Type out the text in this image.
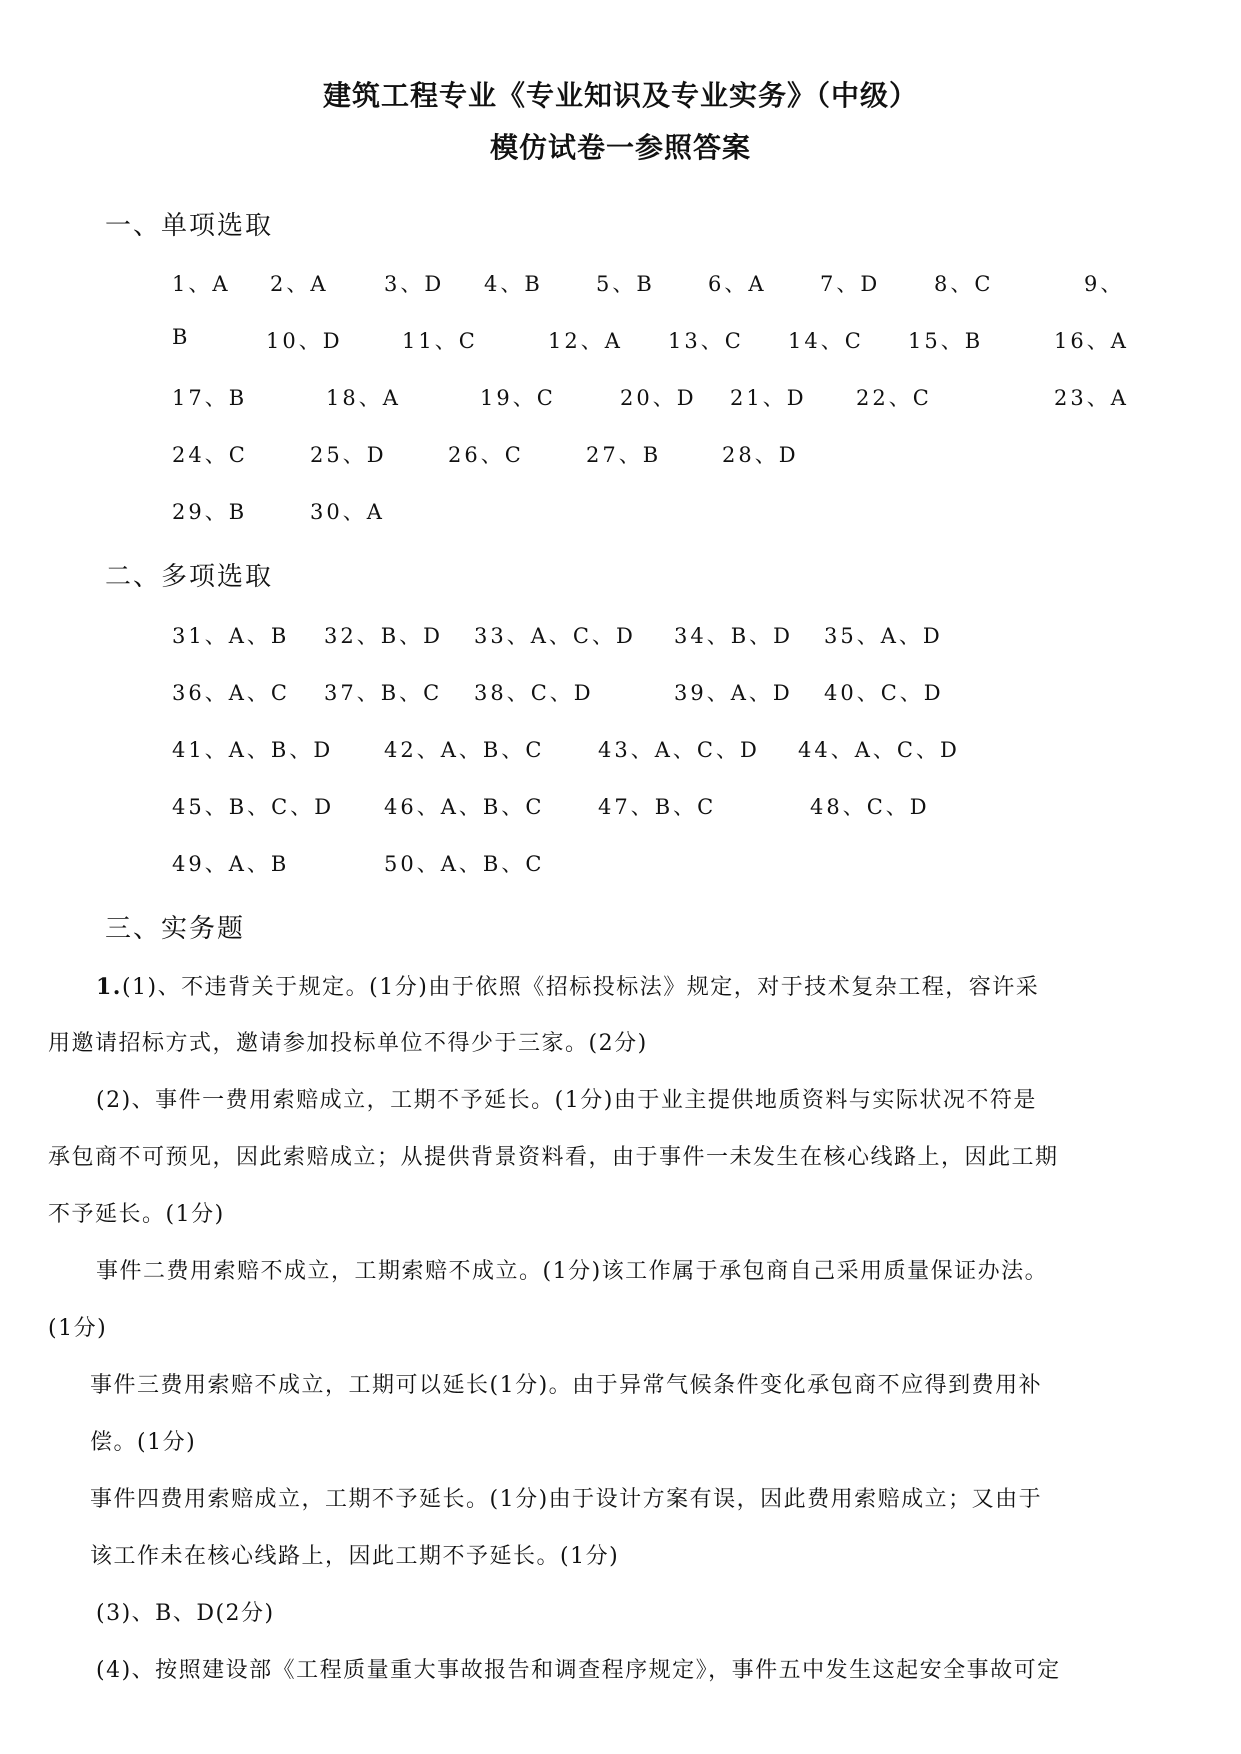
建筑工程专业《专业知识及专业实务》（中级）
模仿试卷一参照答案
一、单项选取
1、A 2、A	3、D 4、B	5、B	6、A	7、D	8、C	9、
B	10、D	11、C	12、A 13、C 14、C 15、B	16、A
17、B	18、A	19、C	20、D 21、D 22、C	23、A
24、C	25、D	26、C	27、B	28、D
29、B	30、A
二、多项选取
31、A、B 32、B、D 33、A、C、D 34、B、D 35、A、D
36、A、C 37、B、C 38、C、D	39、A、D 40、C、D
41、A、B、D 42、A、B、C	43、A、C、D 44、A、C、D
45、B、C、D 46、A、B、C	47、B、C	48、C、D
49、A、B	50、A、B、C
三、实务题
1.(1)、不违背关于规定。(1分)由于依照《招标投标法》规定，对于技术复杂工程，容许采
用邀请招标方式，邀请参加投标单位不得少于三家。(2分)
(2)、事件一费用索赔成立，工期不予延长。(1分)由于业主提供地质资料与实际状况不符是
承包商不可预见，因此索赔成立；从提供背景资料看，由于事件一未发生在核心线路上，因此工期
不予延长。(1分)
事件二费用索赔不成立，工期索赔不成立。(1分)该工作属于承包商自己采用质量保证办法。
(1分)
事件三费用索赔不成立，工期可以延长(1分)。由于异常气候条件变化承包商不应得到费用补
偿。(1分)
事件四费用索赔成立，工期不予延长。(1分)由于设计方案有误，因此费用索赔成立；又由于
该工作未在核心线路上，因此工期不予延长。(1分)
(3)、B、D(2分)
(4)、按照建设部《工程质量重大事故报告和调查程序规定》，事件五中发生这起安全事故可定
